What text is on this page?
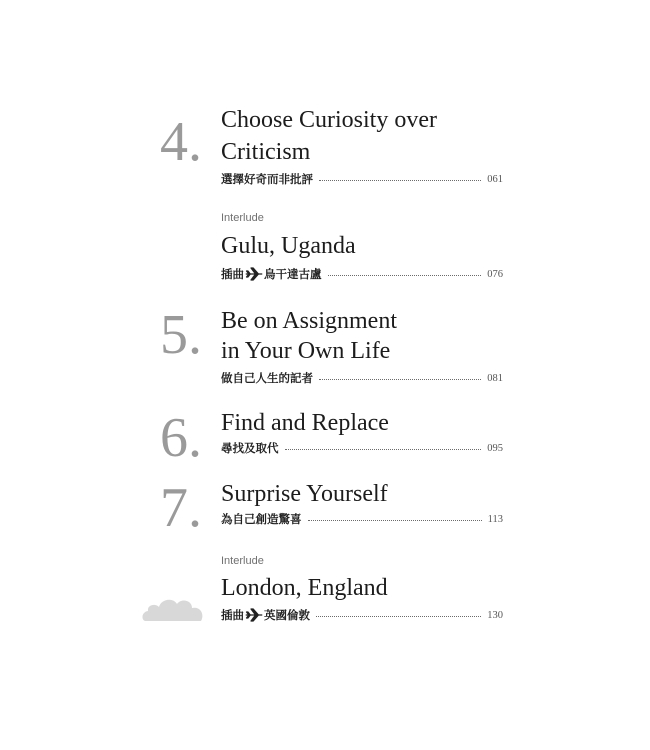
4. Choose Curiosity over
Criticism
選擇好奇而非批評	061
Interlude
Gulu, Uganda
插曲 烏干達古盧	076
5. Be on Assignment
in Your Own Life
做自己人生的記者	081
6. Find and Replace
尋找及取代	095
7. Surprise Yourself
為自己創造驚喜	113
Interlude
London, England
插曲 英國倫敦	130
